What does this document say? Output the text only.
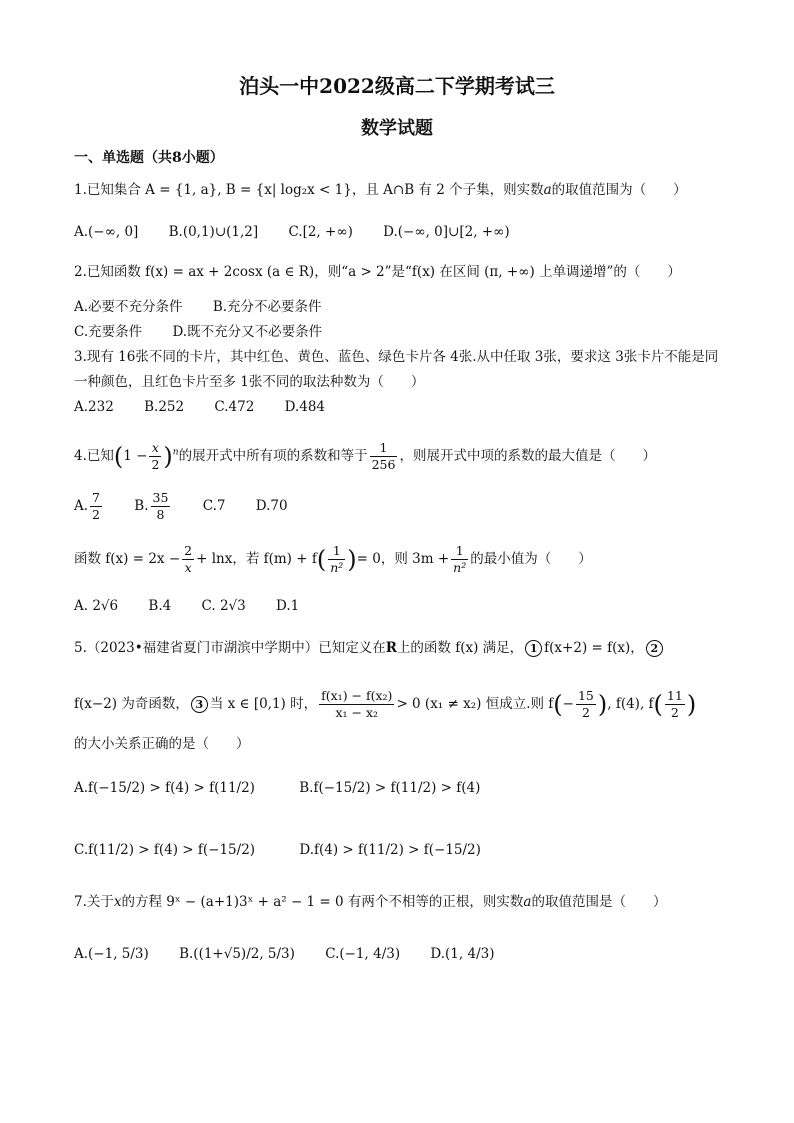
泊头一中2022级高二下学期考试三
数学试题
一、单选题（共8小题）
1.已知集合 A = {1, a}, B = {x| log₂x < 1}，且 A∩B 有 2 个子集，则实数a的取值范围为（　　）
A.(−∞, 0] B.(0,1)∪(1,2] C.[2, +∞) D.(−∞, 0]∪[2, +∞)
2.已知函数 f(x) = ax + 2cosx (a ∈ R)，则“a > 2”是“f(x) 在区间 (π, +∞) 上单调递增”的（　　）
A.必要不充分条件 B.充分不必要条件
C.充要条件 D.既不充分又不必要条件
3.现有 16张不同的卡片，其中红色、黄色、蓝色、绿色卡片各 4张.从中任取 3张，要求这 3张卡片不能是同
一种颜色，且红色卡片至多 1张不同的取法种数为（　　）
A.232 B.252 C.472 D.484
4.已知$(1 - \frac{x}{2} )^n$的展开式中所有项的系数和等于 $\frac{1}{256}$ ，则展开式中项的系数的最大值是（　　）
A. $\frac{7}{2} B$. $\frac{35}{8} C.7$ D.70
函数 $f(x) = 2x - \frac{2}{x} + \ln x$，若 $f(m) + f( \frac{1}{\text{n²}}$ )= 0，则 $3m + \frac{1}{\text{n²}}$ 的最小值为（　　）
A. 2√6 B.4 C. 2√3 D.1
5.（2023•福建省夏门市湖滨中学期中）已知定义在R上的函数 f(x) 满足， 1 f(x+2) = f(x)， 2
f(x−2) 为奇函数， 3 当 x ∈ [0,1) 时， $\frac{\text{f(x₁) − f(x₂)}}{\text{x₁ − x₂}} > 0$ (x₁ ≠ x₂) 恒成立.则 $f(- \frac{15}{2}$ ), f(4), $f( \frac{11}{2}$ )
的大小关系正确的是（　　）
A.f(−15/2) > f(4) > f(11/2)	B.f(−15/2) > f(11/2) > f(4)
C.f(11/2) > f(4) > f(−15/2)	D.f(4) > f(11/2) > f(−15/2)
7.关于x的方程 9ˣ − (a+1)3ˣ + a² − 1 = 0 有两个不相等的正根，则实数a的取值范围是（　　）
A.(−1, 5/3) B.((1+√5)/2, 5/3) C.(−1, 4/3) D.(1, 4/3)
